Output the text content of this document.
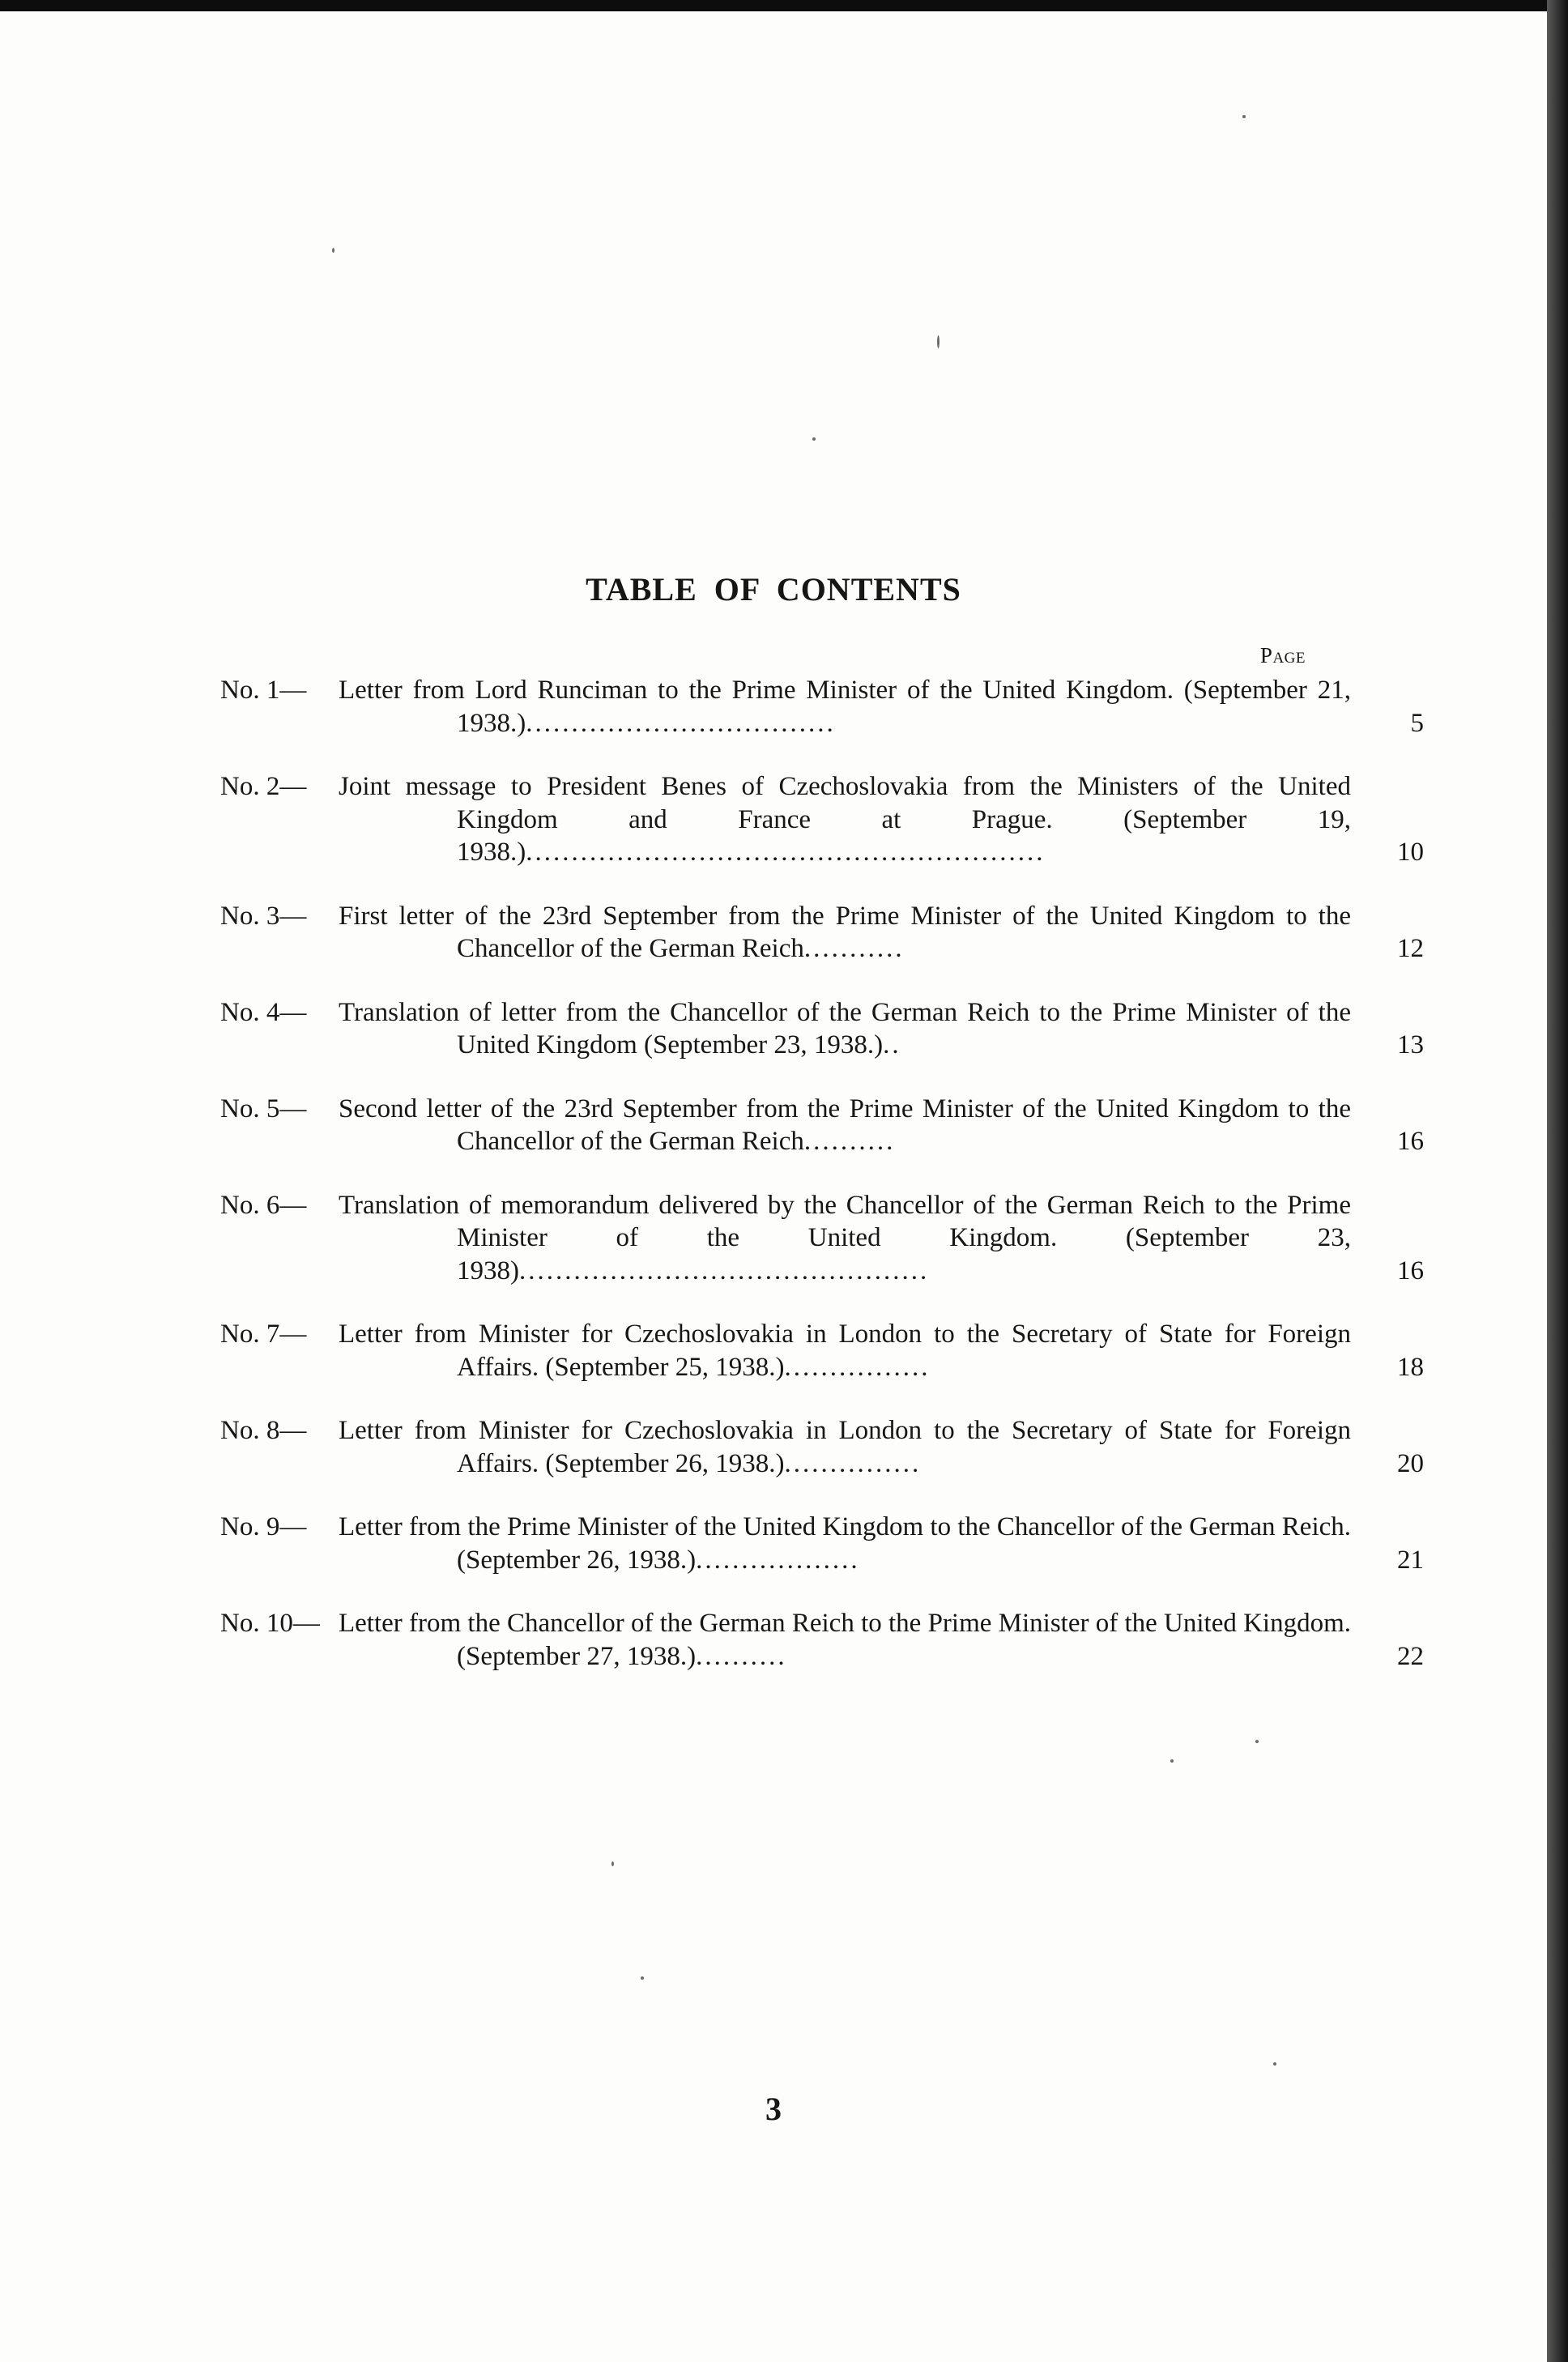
TABLE OF CONTENTS
Page
No. 1—	Letter from Lord Runciman to the Prime Minister of the United Kingdom. (September 21, 1938.)..................................	5
No. 2—	Joint message to President Benes of Czechoslovakia from the Ministers of the United Kingdom and France at Prague. (September 19, 1938.).........................................................	10
No. 3—	First letter of the 23rd September from the Prime Minister of the United Kingdom to the Chancellor of the German Reich...........	12
No. 4—	Translation of letter from the Chancellor of the German Reich to the Prime Minister of the United Kingdom (September 23, 1938.)..	13
No. 5—	Second letter of the 23rd September from the Prime Minister of the United Kingdom to the Chancellor of the German Reich..........	16
No. 6—	Translation of memorandum delivered by the Chancellor of the German Reich to the Prime Minister of the United Kingdom. (September 23, 1938).............................................	16
No. 7—	Letter from Minister for Czechoslovakia in London to the Secretary of State for Foreign Affairs. (September 25, 1938.)................	18
No. 8—	Letter from Minister for Czechoslovakia in London to the Secretary of State for Foreign Affairs. (September 26, 1938.)...............	20
No. 9—	Letter from the Prime Minister of the United Kingdom to the Chancellor of the German Reich. (September 26, 1938.)..................	21
No. 10— Letter from the Chancellor of the German Reich to the Prime Minister of the United Kingdom. (September 27, 1938.)..........	22
3
